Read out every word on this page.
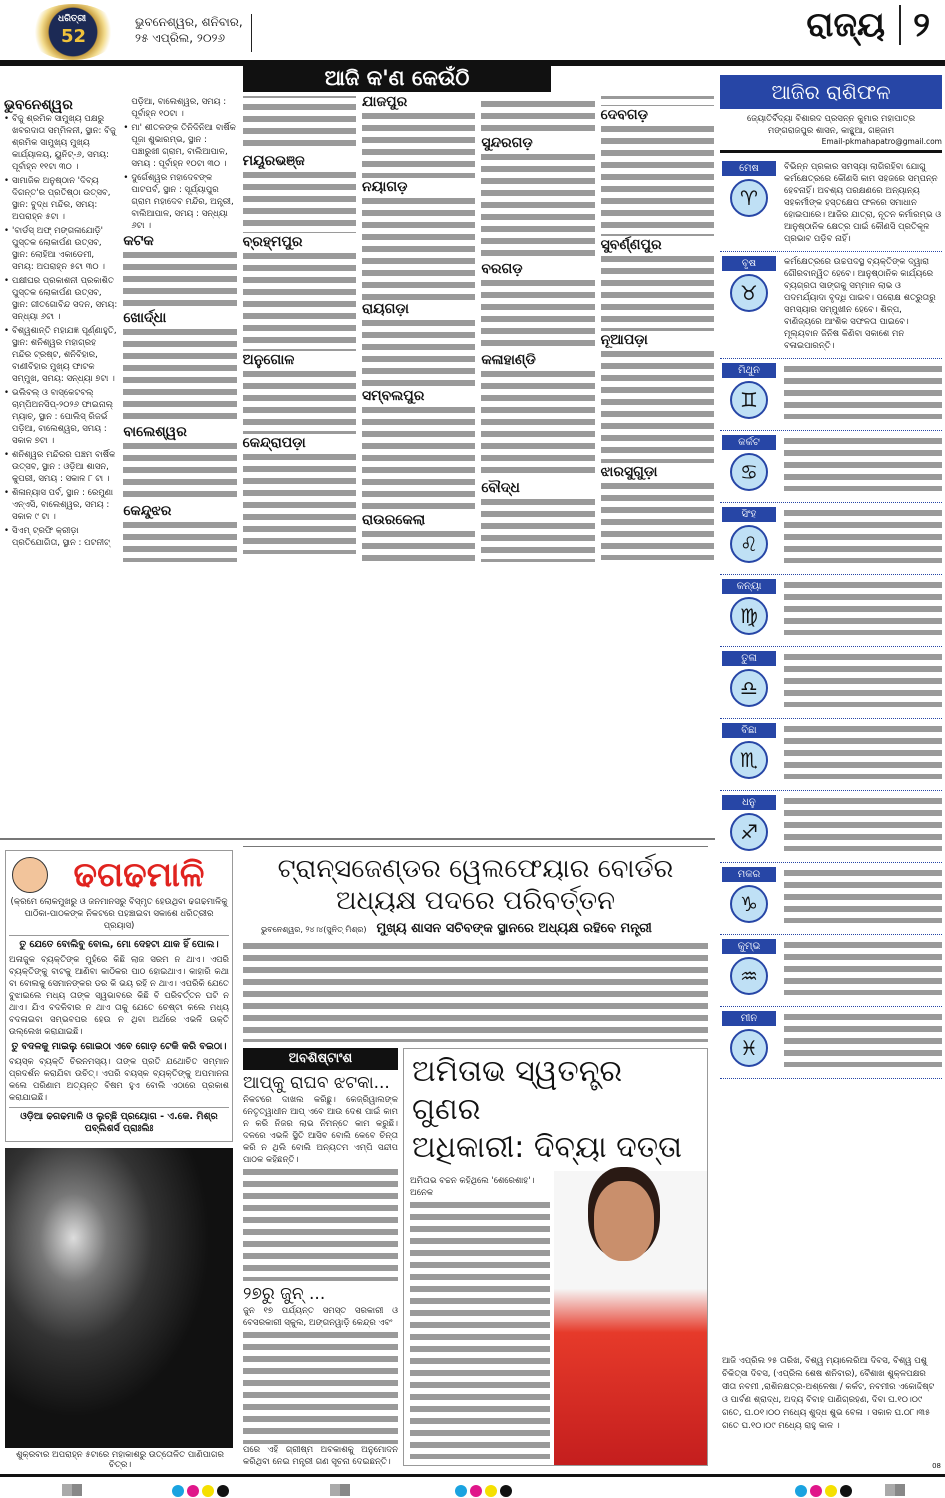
ଧରିତ୍ରୀ
52
ଭୁବନେଶ୍ୱର, ଶନିବାର,
୨୫ ଏପ୍ରିଲ, ୨୦୨୬	ରାଜ୍ୟ ୨
ଆଜି କ'ଣ କେଉଁଠି
ଭୁବନେଶ୍ୱର
• ବିଜୁ ଶ୍ରମିକ ସାମୁଖ୍ୟ ପକ୍ଷରୁ ଖବରଦାତା ସମ୍ମିଳନୀ, ସ୍ଥାନ: ବିଜୁ ଶ୍ରମିକ ସାମୁଖ୍ୟ ମୁଖ୍ୟ କାର୍ଯ୍ୟାଳୟ, ୟୁନିଟ୍-୬, ସମୟ: ପୂର୍ବାହ୍ନ ୧୧ଟା ୩୦ ।
• ସାମାଜିକ ଅନୁଷ୍ଠାନ 'ଦିବ୍ୟ ଦିଗନ୍ତ'ର ପ୍ରତିଷ୍ଠା ଉତ୍ସବ, ସ୍ଥାନ: ବୁଦ୍ଧ ମନ୍ଦିର, ସମୟ: ଅପରାହ୍ନ ୫ଟା ।
• 'ବାର୍ଡସ୍ ଅଫ୍ ମଙ୍ଗଳାଯୋଡ଼ି' ପୁସ୍ତକ ଲୋକାର୍ପଣ ଉତ୍ସବ, ସ୍ଥାନ: ଲୋହିଆ ଏକାଡେମୀ, ସମୟ: ଅପରାହ୍ନ ୫ଟା ୩୦ ।
• ପକ୍ଷୀଘର ପ୍ରକାଶନୀ ପ୍ରକାଶିତ ପୁସ୍ତକ ଲୋକାର୍ପଣ ଉତ୍ସବ, ସ୍ଥାନ: ଗୀତଗୋବିନ୍ଦ ସଦନ, ସମୟ: ସନ୍ଧ୍ୟା ୬ଟା ।
• ବିଶ୍ୱଶାନ୍ତି ମହାଯଜ୍ଞ ପୂର୍ଣ୍ଣାହୁତି, ସ୍ଥାନ: ଶନିଶ୍ୱର ମହାଗ୍ରହ ମନ୍ଦିର ଟ୍ରଷ୍ଟ, ଶନିବିହାର, ବାଣୀବିହାର ମୁଖ୍ୟ ଫାଟକ ସମ୍ମୁଖ, ସମୟ: ସନ୍ଧ୍ୟା ୭ଟା ।
• ଭଲିବଲ୍ ଓ ବାସ୍କେଟବଲ୍ ଚାମ୍ପିଅନସିପ୍-୨୦୨୬ ଫାଇନାଲ୍ ମ୍ୟାଚ୍, ସ୍ଥାନ : ପୋଲିସ୍ ରିଜର୍ଭ ପଡ଼ିଆ, ବାଲେଶ୍ୱର, ସମୟ : ସକାଳ ୭ଟା ।
• ଶନିଶ୍ୱର ମନ୍ଦିରର ପଞ୍ଚମ ବାର୍ଷିକ ଉତ୍ସବ, ସ୍ଥାନ : ଓଡ଼ିଆ ଶାସନ, କୁପରୀ, ସମୟ : ସକାଳ ୮ ଟା ।
• ଶିଳାନ୍ୟାସ ପର୍ବ, ସ୍ଥାନ : ରେମୁଣା ଏନ୍‌ଏସି, ବାଲେଶ୍ୱର, ସମୟ : ସକାଳ ୯ ଟା ।
• ସିଏମ୍ ଟ୍ରଫି କ୍ରୀଡ଼ା ପ୍ରତିଯୋଗିତା, ସ୍ଥାନ : ପଟନୀଟ୍ ପଡ଼ିଆ, ବାଲେଶ୍ୱର, ସମୟ : ପୂର୍ବାହ୍ନ ୧୦ଟା ।
• ମା' ଶୀତଳଙ୍କ ତିନିଦିନିଆ ବାର୍ଷିକ ପୂଜା ଶୁଭାରମ୍ଭ, ସ୍ଥାନ : ପଞ୍ଚାରୁଖୀ ଗ୍ରାମ, ବାଲିଆପାଳ, ସମୟ : ପୂର୍ବାହ୍ନ ୧୦ଟା ୩୦ ।
• ଦୁର୍ଗେଶ୍ୱର ମହାଦେବଙ୍କ ପାଟପର୍ବ, ସ୍ଥାନ : ସୂର୍ଯ୍ୟାପୁର ଗ୍ରାମ ମହାଦେବ ମନ୍ଦିର, ଅନ୍ତ୍ରୀ, ବାଲିଆପାଳ, ସମୟ : ସନ୍ଧ୍ୟା ୬ଟା ।
କଟକ
ଖୋର୍ଦ୍ଧା
ବାଲେଶ୍ୱର
କେନ୍ଦୁଝର
ମୟୂରଭଞ୍ଜ
ବ୍ରହ୍ମପୁର
ଅନୁଗୋଳ
କେନ୍ଦ୍ରାପଡ଼ା
ଯାଜପୁର
ନୟାଗଡ଼
ରାୟଗଡ଼ା
ସମ୍ବଲପୁର
ରାଉରକେଲା
ସୁନ୍ଦରଗଡ଼
ବରଗଡ଼
କଳାହାଣ୍ଡି
ବୌଦ୍ଧ
ଦେବଗଡ଼
ସୁବର୍ଣ୍ଣପୁର
ନୂଆପଡ଼ା
ଝାରସୁଗୁଡ଼ା
ଆଜିର ରାଶିଫଳ
ଜ୍ୟୋତିର୍ବିଦ୍ୟା ବିଶାରଦ ପ୍ରସନ୍ନ କୁମାର ମହାପାତ୍ର
ମଙ୍ଗରାଜପୁର ଶାସନ, କାନ୍ଥୁଆ, ଗଞ୍ଜାମ
Email-pkmahapatro@gmail.com
ମେଷ
♈
ବିଭିନ୍ନ ପ୍ରକାର ସମସ୍ୟା ଲାଗିରହିବା ଯୋଗୁ କର୍ମକ୍ଷେତ୍ରରେ କୌଣସି କାମ ସହଜରେ ସମ୍ପନ୍ନ ହେବନାହିଁ। ଅବଶ୍ୟ ପରକ୍ଷଣରେ ଅନ୍ୟାନ୍ୟ ସହକର୍ମୀଙ୍କ ହସ୍ତକ୍ଷେପ ଫଳରେ ସମାଧାନ ହୋଇପାରେ। ଆଜିର ଯାତ୍ରା, ନୂତନ କର୍ମାରମ୍ଭ ଓ ଆନୁଷ୍ଠାନିକ କ୍ଷେତ୍ର ପାଇଁ କୌଣସି ପ୍ରତିକୂଳ ପ୍ରଭାବ ପଡ଼ିବ ନାହିଁ।
ବୃଷ
♉
କର୍ମକ୍ଷେତ୍ରରେ ଉଚ୍ଚପଦସ୍ଥ ବ୍ୟକ୍ତିଙ୍କ ଦ୍ୱାରା ଗୌରବାନ୍ୱିତ ହେବେ। ଆନୁଷ୍ଠାନିକ କାର୍ଯ୍ୟରେ ବ୍ୟଗ୍ରତା ସାଙ୍ଗକୁ ସମ୍ମାନ ଲାଭ ଓ ପଦମର୍ଯ୍ୟାଦା ବୃଦ୍ଧି ପାଇବ। ପରୋକ୍ଷ ଶତ୍ରୁତାରୁ ସମସ୍ୟାର ସମ୍ମୁଖୀନ ହେବେ। ଶିଳ୍ପ, ବାଣିଜ୍ୟରେ ଆଂଶିକ ସଫଳତା ପାଇବେ। ମୂଲ୍ୟବାନ ଜିନିଷ କିଣିବା ସକାଶେ ମନ ବଳାଇପାରନ୍ତି।
ମିଥୁନ
♊
କର୍କଟ
♋
ସିଂହ
♌
କନ୍ୟା
♍
ତୁଳା
♎
ବିଛା
♏
ଧନୁ
♐
ମକର
♑
କୁମ୍ଭ
♒
ମୀନ
♓
ଆଜି ଏପ୍ରିଲ ୨୫ ତାରିଖ, ବିଶ୍ୱ ମ୍ୟାଲେରିଆ ଦିବସ, ବିଶ୍ୱ ପଶୁ ଚିକିତ୍ସା ଦିବସ, (ଏପ୍ରିଲ ଶେଷ ଶନିବାର), ବୈଶାଖ ଶୁକ୍ଳପକ୍ଷର ସୀତା ନବମୀ ,ରାଶିନକ୍ଷତ୍ର-ଅଶ୍ଳେଷା / କର୍କଟ, ନବମୀର ଏକୋଦ୍ଦିଷ୍ଟ ଓ ପାର୍ବଣ ଶ୍ରାଦ୍ଧ, ଅଦ୍ୟ ବିବାହ ପାଣିଗ୍ରହଣ, ଦିବା ଘ.୧୦।୦୯ ଗତେ, ଘ.୦୧।୦୦ ମଧ୍ୟେ ଶୁଦ୍ଧ ଶୁଭ ବେଳା । ସକାଳ ଘ.୦୮।୩୫ ଗତେ ଘ.୧୦।୦୯ ମଧ୍ୟେ ରାହୁ କାଳ ।
ଢଗଢମାଳି
(କ୍ରମେ ଲୋକମୁଖରୁ ଓ ଜନମାନସରୁ ବିସ୍ମୃତ ହେଉଥିବା ଢଗଢମାଳିକୁ ପାଠିକା-ପାଠକଙ୍କ ନିକଟରେ ପହଞ୍ଚାଇବା ସକାଶେ ଧରିତ୍ରୀର ପ୍ରୟାସ)
ତୁ ଯେତେ ବୋଲିବୁ ବୋଲ, ମୋ ଦେହଟା ଯାକ ହିଁ ପୋଲ।

ଅଳାଜୁକ ବ୍ୟକ୍ତିଙ୍କ ମୁହଁରେ କିଛି ଲାଜ ସରମ ନ ଥାଏ। ଏପରି ବ୍ୟକ୍ତିଙ୍କୁ ବାଟକୁ ଆଣିବା କାଠିକର ପାଠ ହୋଇଥାଏ। କାହାରି କଥା ବା ବୋଲକୁ ସେମାନଙ୍କର ଡର କି ଭୟ ରହି ନ ଥାଏ। ଏପରିକି ଯେତେ ବୁଝାଇଲେ ମଧ୍ୟ ତାଙ୍କ ସ୍ୱଭାବରେ କିଛି ବି ପରିବର୍ତ୍ତନ ଘଟି ନ ଥାଏ। ଯିଏ ବଦଳିବାର ନ ଥାଏ ତାକୁ ଯେତେ ଚେଷ୍ଟା କଲେ ମଧ୍ୟ ବଦଳାଇବା ସମ୍ଭବପର ହେଉ ନ ଥିବା ଅର୍ଥରେ ଏଭଳି ଉକ୍ତି ଉଲ୍ଲେଖ କରାଯାଇଛି।

ତୁ ବଦଳକୁ ମାଇଲୁ ଗୋଇଠା ଏବେ ଗୋଡ଼ ଟେକି କରି ବଇଠା।

ବୟସ୍କ ବ୍ୟକ୍ତି ଚିରନମସ୍ୟ। ତାଙ୍କ ପ୍ରତି ଯଥୋଚିତ ସମ୍ମାନ ପ୍ରଦର୍ଶନ କରାଯିବା ଉଚିତ୍। ଏପରି ବୟସ୍କ ବ୍ୟକ୍ତିଙ୍କୁ ଅପମାନନା କଲେ ପରିଣାମ ଅତ୍ୟନ୍ତ ବିଷମ ହୁଏ ବୋଲି ଏଠାରେ ପ୍ରକାଶ କରାଯାଇଛି।

ଓଡ଼ିଆ ଢଗଢମାଳି ଓ ଲୁଚ୍ଛି ପ୍ରୟୋଗ - ଏ.କେ. ମିଶ୍ର ପବ୍ଲିଶର୍ସ ପ୍ରାଃଲିଃ
ଶୁକ୍ରବାର ଅପରାହ୍ନ ୫ଟାରେ ମହାକାଶରୁ ଉତ୍ତୋଳିତ ପାଣିପାଗର ଚିତ୍ର।
ଟ୍ରାନ୍ସଜେଣ୍ଡର ୱେଲଫେୟାର ବୋର୍ଡର ଅଧ୍ୟକ୍ଷ ପଦରେ ପରିବର୍ତ୍ତନ
ଭୁବନେଶ୍ୱର, ୨୪।୪(ସୁନିତ୍ ମିଶ୍ର) ମୁଖ୍ୟ ଶାସନ ସଚିବଙ୍କ ସ୍ଥାନରେ ଅଧ୍ୟକ୍ଷ ରହିବେ ମନ୍ତ୍ରୀ
ଅବଶିଷ୍ଟାଂଶ
ଆପ୍‌କୁ ରାଘବ ଝଟକା...
ନିକଟରେ ଦାଖଲ କରିଛୁ। କେଜ୍ରିୱାଲଙ୍କ ନେତୃତ୍ୱାଧୀନ ଆପ୍ ଏବେ ଆଉ ଦେଶ ପାଇଁ କାମ ନ କରି ନିଜର ଲାଭ ନିମନ୍ତେ କାମ କରୁଛି। ଦଳରେ ଏଭଳି ସ୍ଥିତି ଆସିବ ବୋଲି କେବେ ଚିନ୍ତା କରି ନ ଥିଲି ବୋଲି ଅନ୍ୟତମ ଏମ୍‌ପି ସନ୍ଦୀପ ପାଠକ କହିଛନ୍ତି।
୨୭ରୁ ଜୁନ୍ ...
ଜୁନ ୧୭ ପର୍ଯ୍ୟନ୍ତ ସମସ୍ତ ସରକାରୀ ଓ ବେସରକାରୀ ସ୍କୁଲ, ଅଙ୍ଗନୱାଡ଼ି କେନ୍ଦ୍ର ଏବଂ
ପରେ ଏହି ଗ୍ରୀଷ୍ମ ଅବକାଶକୁ ଅନୁମୋଦନ କରିଥିବା ନେଇ ମନ୍ତ୍ରୀ ଗଣ ସୂଚନା ଦେଇଛନ୍ତି।
ଅମିତାଭ ସ୍ୱତନ୍ତ୍ର ଗୁଣର
ଅଧିକାରୀ: ଦିବ୍ୟା ଦତ୍ତା
ଅମିତାଭ ବଚ୍ଚନ କହିଥିଲେ 'ଶେରେଶାହ'। ଅନେକ
08
